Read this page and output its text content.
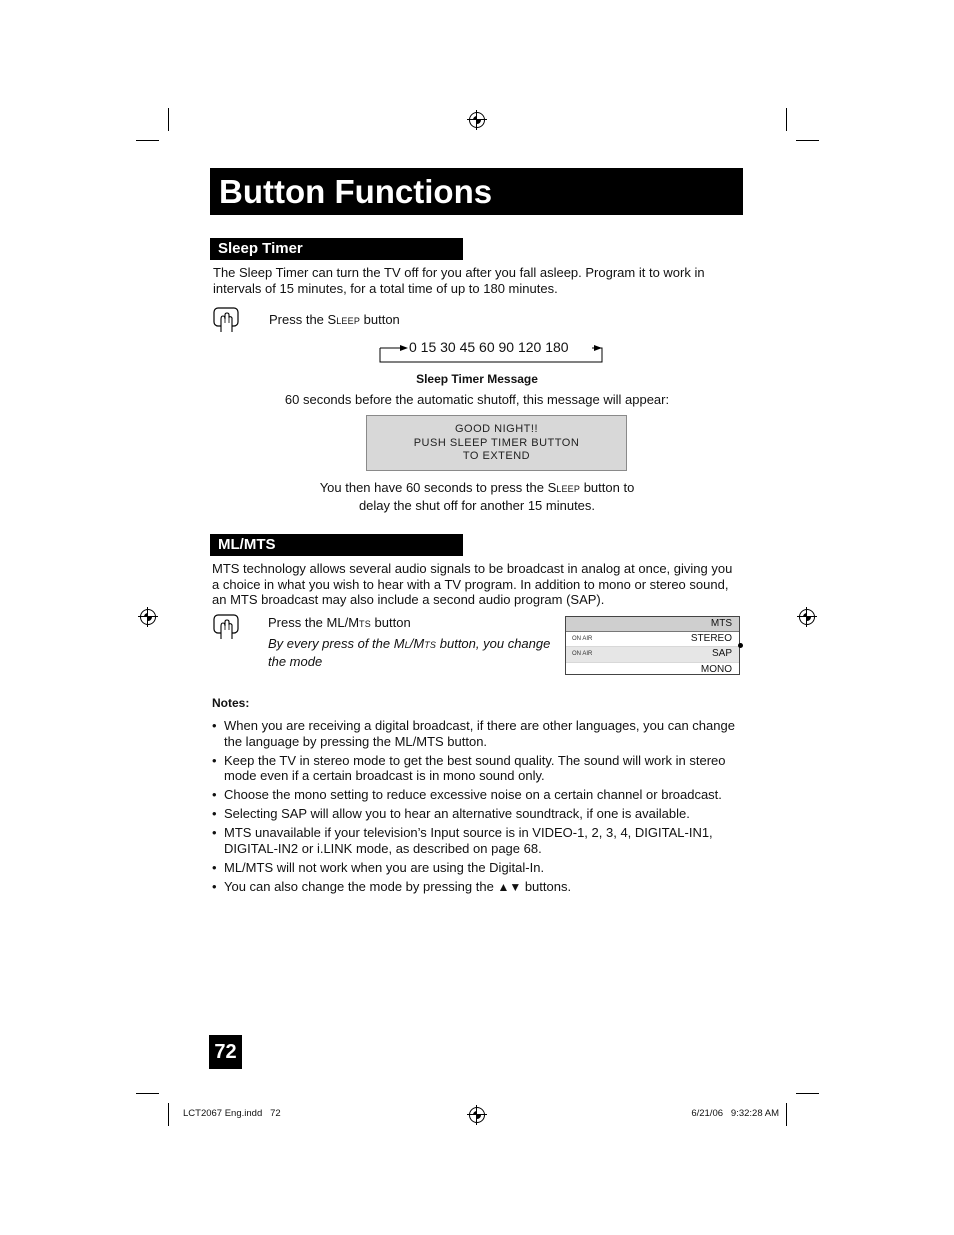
Button Functions
Sleep Timer
The Sleep Timer can turn the TV off for you after you fall asleep. Program it to work in intervals of 15 minutes, for a total time of up to 180 minutes.
Press the SLEEP button
0 15 30 45 60 90 120 180
Sleep Timer Message
60 seconds before the automatic shutoff, this message will appear:
GOOD NIGHT!!
PUSH SLEEP TIMER BUTTON
TO EXTEND
You then have 60 seconds to press the SLEEP button to
delay the shut off for another 15 minutes.
ML/MTS
MTS technology allows several audio signals to be broadcast in analog at once, giving you a choice in what you wish to hear with a TV program. In addition to mono or stereo sound, an MTS broadcast may also include a second audio program (SAP).
Press the ML/MTS button
By every press of the ML/MTS button, you change the mode
MTS
ON AIR	STEREO
ON AIR	SAP
MONO
Notes:
• When you are receiving a digital broadcast, if there are other languages, you can change the language by pressing the ML/MTS button.
• Keep the TV in stereo mode to get the best sound quality. The sound will work in stereo mode even if a certain broadcast is in mono sound only.
• Choose the mono setting to reduce excessive noise on a certain channel or broadcast.
• Selecting SAP will allow you to hear an alternative soundtrack, if one is available.
• MTS unavailable if your television’s Input source is in VIDEO-1, 2, 3, 4, DIGITAL-IN1, DIGITAL-IN2 or i.LINK mode, as described on page 68.
• ML/MTS will not work when you are using the Digital-In.
• You can also change the mode by pressing the ▲▼ buttons.
72
LCT2067 Eng.indd   72	6/21/06   9:32:28 AM
